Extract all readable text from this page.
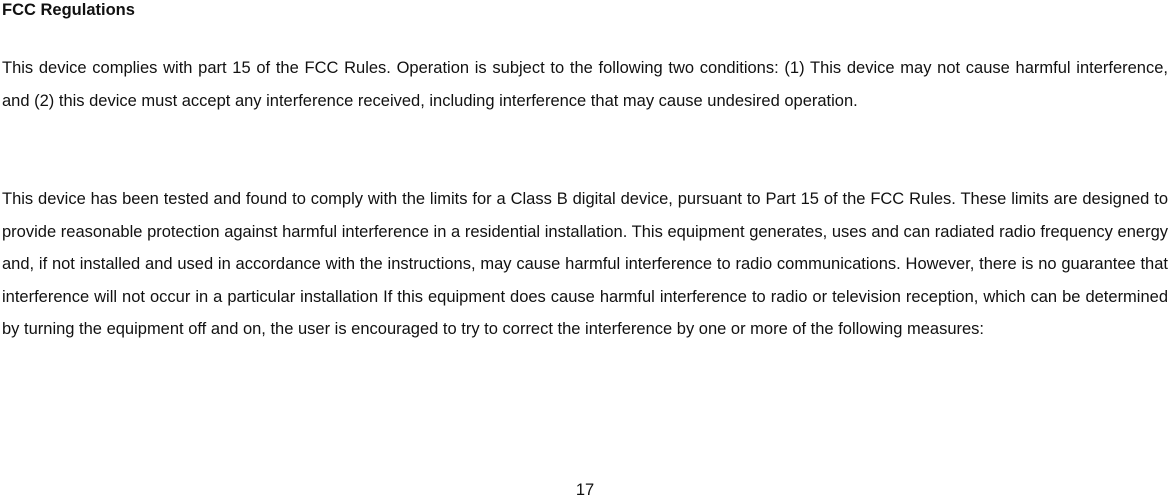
FCC Regulations

This device complies with part 15 of the FCC Rules. Operation is subject to the following two conditions: (1) This device may not cause harmful interference, and (2) this device must accept any interference received, including interference that may cause undesired operation.

This device has been tested and found to comply with the limits for a Class B digital device, pursuant to Part 15 of the FCC Rules. These limits are designed to provide reasonable protection against harmful interference in a residential installation. This equipment generates, uses and can radiated radio frequency energy and, if not installed and used in accordance with the instructions, may cause harmful interference to radio communications. However, there is no guarantee that interference will not occur in a particular installation If this equipment does cause harmful interference to radio or television reception, which can be determined by turning the equipment off and on, the user is encouraged to try to correct the interference by one or more of the following measures:

17
